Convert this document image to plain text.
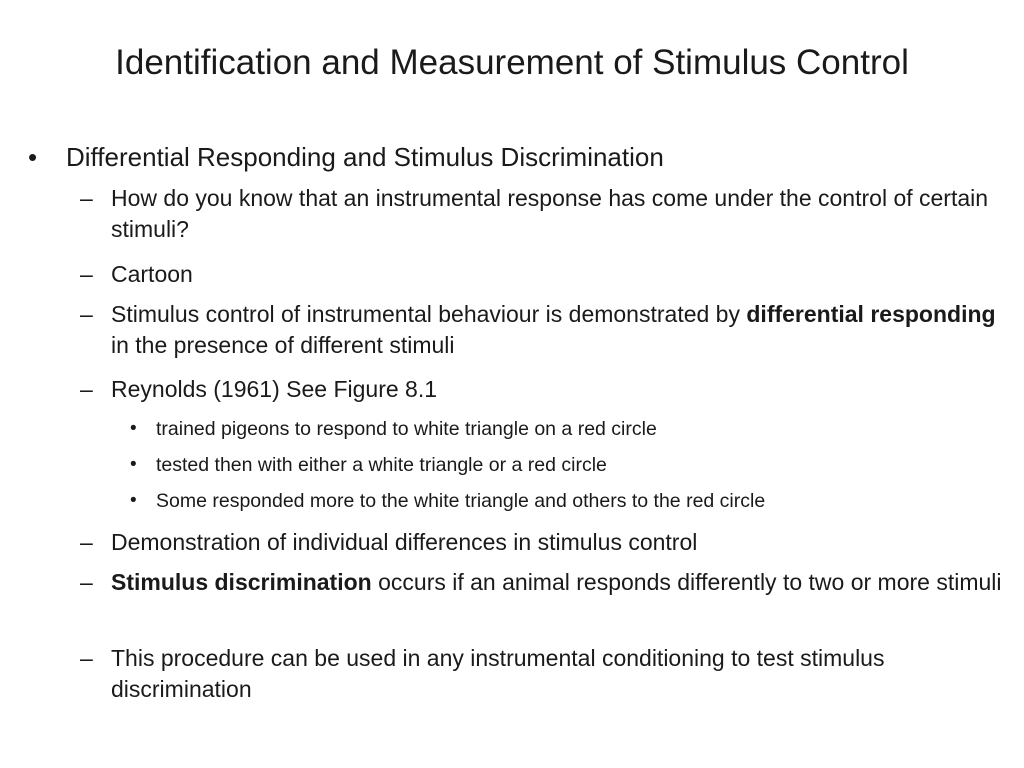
Identification and Measurement of Stimulus Control
• Differential Responding and Stimulus Discrimination
– How do you know that an instrumental response has come under the control of certain stimuli?
– Cartoon
– Stimulus control of instrumental behaviour is demonstrated by differential responding in the presence of different stimuli
– Reynolds (1961) See Figure 8.1
• trained pigeons to respond to white triangle on a red circle
• tested then with either a white triangle or a red circle
• Some responded more to the white triangle and others to the red circle
– Demonstration of individual differences in stimulus control
– Stimulus discrimination occurs if an animal responds differently to two or more stimuli
– This procedure can be used in any instrumental conditioning to test stimulus discrimination
